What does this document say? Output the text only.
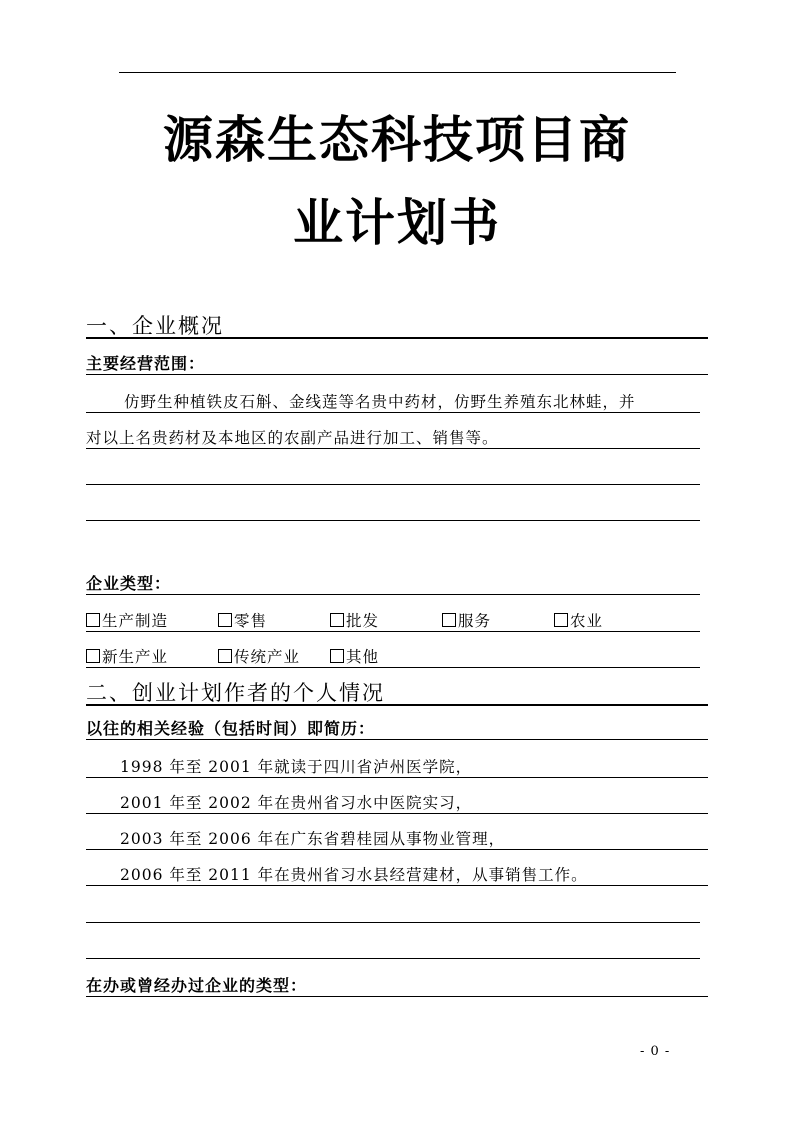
源森生态科技项目商
业计划书
一、企业概况
主要经营范围：
仿野生种植铁皮石斛、金线莲等名贵中药材，仿野生养殖东北林蛙，并
对以上名贵药材及本地区的农副产品进行加工、销售等。
企业类型：
生产制造	零售	批发	服务	农业
新生产业	传统产业	其他
二、创业计划作者的个人情况
以往的相关经验（包括时间）即简历：
1998 年至 2001 年就读于四川省泸州医学院，
2001 年至 2002 年在贵州省习水中医院实习，
2003 年至 2006 年在广东省碧桂园从事物业管理，
2006 年至 2011 年在贵州省习水县经营建材，从事销售工作。
在办或曾经办过企业的类型：
- 0 -
